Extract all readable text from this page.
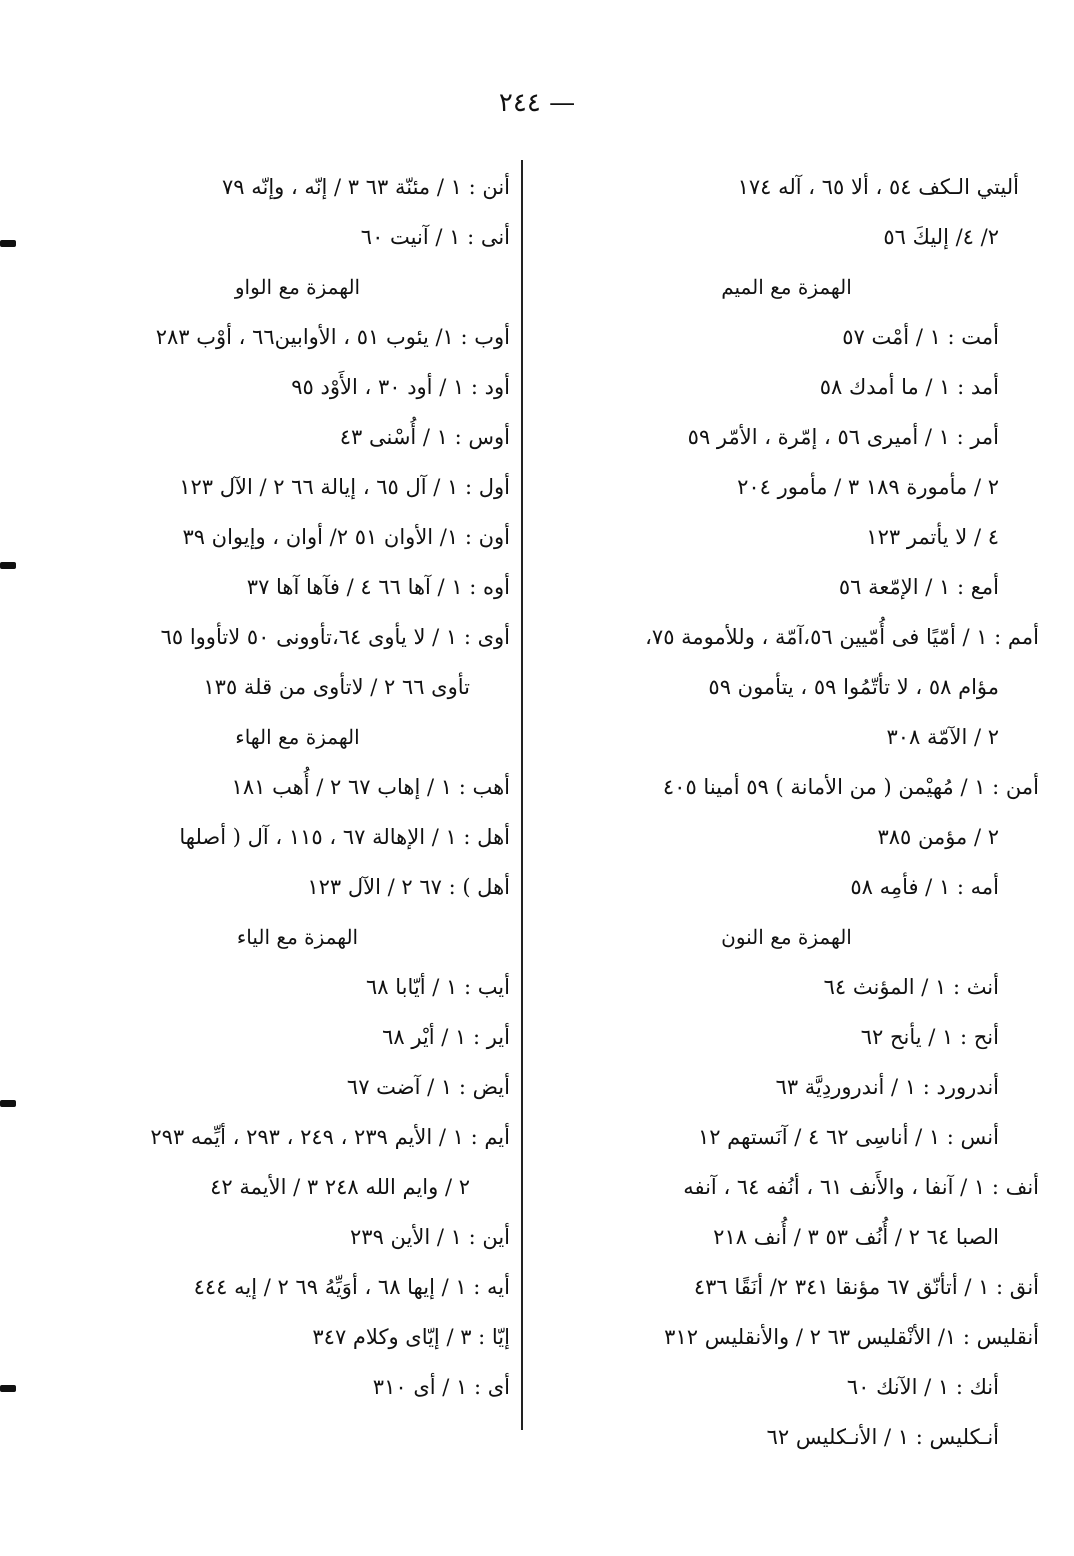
— ٢٤٤
أليتي الـكف ٥٤ ، ألا ٦٥ ، آله ١٧٤
٢/ ٤/ إليكَ ٥٦
الهمزة مع الميم
أمت : ١ / أمْت ٥٧
أمد : ١ / ما أمدك ٥٨
أمر : ١ / أميرى ٥٦ ، إمّرة ، الأمّر ٥٩
٢ / مأمورة ١٨٩ ٣ / مأمور ٢٠٤
٤ / لا يأتمر ١٢٣
أمع : ١ / الإمّعة ٥٦
أمم : ١ / أمّيًا فى أُمّيين ٥٦،آمّة ، وللأمومة ٧٥،
مؤام ٥٨ ، لا تأتّمُوا ٥٩ ، يتأمون ٥٩
٢ / الآمّة ٣٠٨
أمن : ١ / مُهيْمن ( من الأمانة ) ٥٩ أمينا ٤٠٥
٢ / مؤمن ٣٨٥
أمه : ١ / فأمِه ٥٨
الهمزة مع النون
أنث : ١ / المؤنث ٦٤
أنح : ١ / يأنح ٦٢
أندرورد : ١ / أندروردِيَّة ٦٣
أنس : ١ / أناسِى ٦٢ ٤ / آنَستهم ١٢
أنف : ١ / آنفا ، والأَنف ٦١ ، أنُفه ٦٤ ، آنفه
الصبا ٦٤ ٢ / أُنُف ٥٣ ٣ / أُنف ٢١٨
أنق : ١ / أتأنّق ٦٧ مؤنقا ٣٤١ ٢/ أنَقًا ٤٣٦
أنقليس : ١/ الأنْقليس ٦٣ ٢ / والأنقليس ٣١٢
أنك : ١ / الآنك ٦٠
أنـكليس : ١ / الأنـكليس ٦٢
أنن : ١ / مئنّة ٦٣ ٣ / إنّه ، وإنّه ٧٩
أنى : ١ / آنيت ٦٠
الهمزة مع الواو
أوب : ١/ يئوب ٥١ ، الأوابين٦٦ ، أوْب ٢٨٣
أود : ١ / أود ٣٠ ، الأَوْد ٩٥
أوس : ١ / أُسْنى ٤٣
أول : ١ / آل ٦٥ ، إيالة ٦٦ ٢ / الآل ١٢٣
أون : ١/ الأوان ٥١ ٢/ أوان ، وإيوان ٣٩
أوه : ١ / آها ٦٦ ٤ / فآها آها ٣٧
أوى : ١ / لا يأوى ٦٤،تأوونى ٥٠ لاتأووا ٦٥
تأوى ٦٦ ٢ / لاتأوى من قلة ١٣٥
الهمزة مع الهاء
أهب : ١ / إهاب ٦٧ ٢ / أُهب ١٨١
أهل : ١ / الإهالة ٦٧ ، ١١٥ ، آل ( أصلها
أهل ) : ٦٧ ٢ / الآل ١٢٣
الهمزة مع الياء
أيب : ١ / أيّابا ٦٨
أير : ١ / أيْر ٦٨
أيض : ١ / آضت ٦٧
أيم : ١ / الأيم ٢٣٩ ، ٢٤٩ ، ٢٩٣ ، أيِّمه ٢٩٣
٢ / وايم الله ٢٤٨ ٣ / الأيمة ٤٢
أين : ١ / الأين ٢٣٩
أيه : ١ / إيها ٦٨ ، أوَيِّهُ ٦٩ ٢ / إيه ٤٤٤
إيّا : ٣ / إيّاى وكلام ٣٤٧
أى : ١ / أى ٣١٠
